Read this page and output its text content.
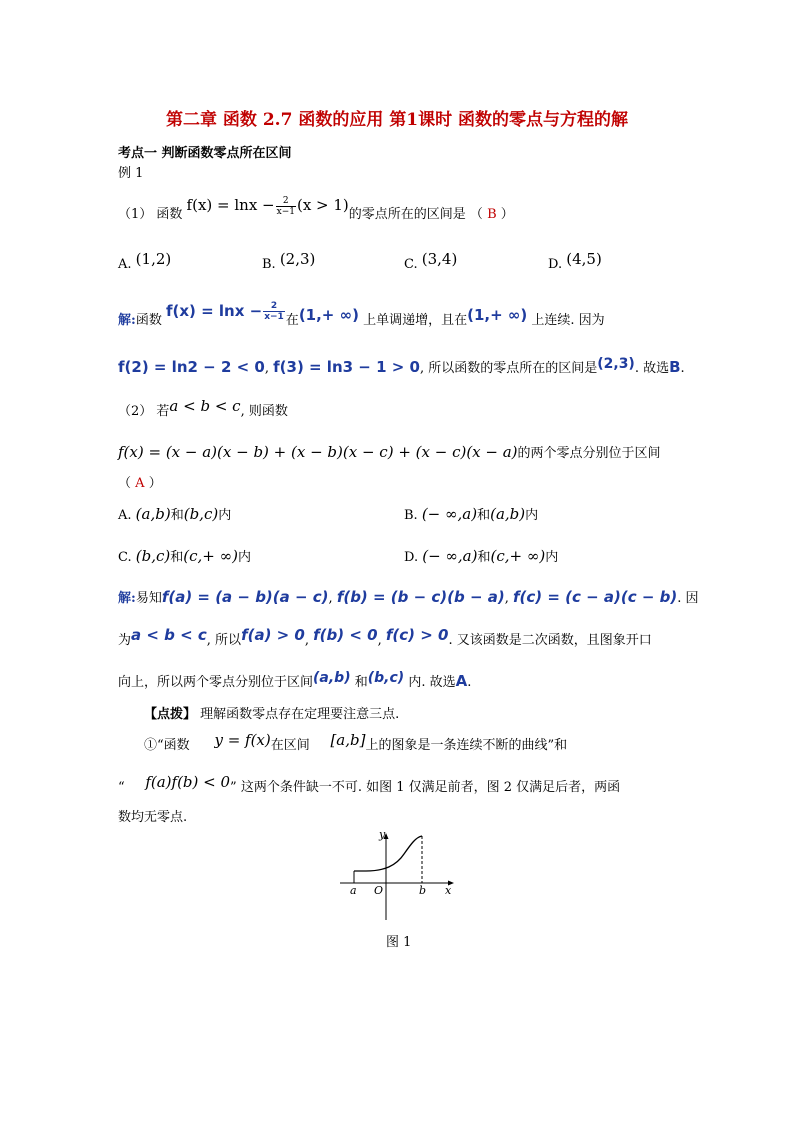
第二章 函数 2.7 函数的应用 第1课时 函数的零点与方程的解
考点一 判断函数零点所在区间
例 1
（1） 函数 $f(x) = \ln x - \frac{2}{x-1} (x > 1)$的零点所在的区间是 （ B ）
A. (1,2)	B. (2,3)	C. (3,4)	D. (4,5)
解:函数 $f(x) = \ln x - \frac{2}{x-1}$ 在(1,+ ∞) 上单调递增，且在(1,+ ∞) 上连续. 因为
f(2) = ln2 − 2 < 0, f(3) = ln3 − 1 > 0, 所以函数的零点所在的区间是(2,3). 故选B.
（2） 若a < b < c, 则函数
f(x) = (x − a)(x − b) + (x − b)(x − c) + (x − c)(x − a)的两个零点分别位于区间
（ A ）
A. (a,b)和(b,c)内	B. (− ∞,a)和(a,b)内
C. (b,c)和(c,+ ∞)内	D. (− ∞,a)和(c,+ ∞)内
解:易知f(a) = (a − b)(a − c), f(b) = (b − c)(b − a), f(c) = (c − a)(c − b). 因
为a < b < c, 所以f(a) > 0, f(b) < 0, f(c) > 0. 又该函数是二次函数，且图象开口
向上，所以两个零点分别位于区间(a,b) 和(b,c) 内. 故选A.
【点拨】 理解函数零点存在定理要注意三点.
①“函数 y = f(x)在区间 [a,b]上的图象是一条连续不断的曲线”和
“ f(a)f(b) < 0” 这两个条件缺一不可. 如图 1 仅满足前者，图 2 仅满足后者，两函
数均无零点.
y
x
O
a	b
图 1
